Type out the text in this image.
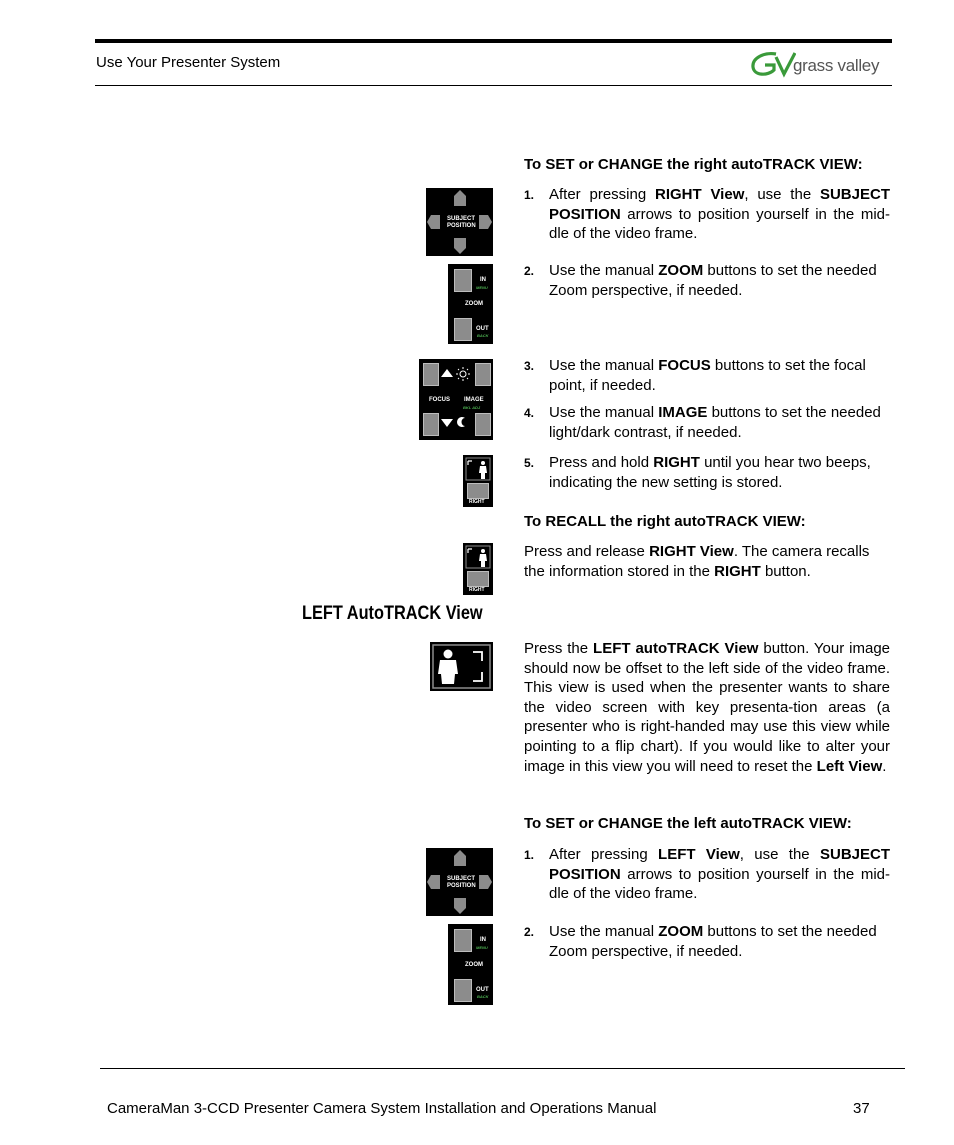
Use Your Presenter System	grass valley
To SET or CHANGE the right autoTRACK VIEW:
1. After pressing RIGHT View, use the SUBJECT POSITION arrows to position yourself in the mid-dle of the video frame.
2. Use the manual ZOOM buttons to set the needed Zoom perspective, if needed.
3. Use the manual FOCUS buttons to set the focal point, if needed.
4. Use the manual IMAGE buttons to set the needed light/dark contrast, if needed.
5. Press and hold RIGHT until you hear two beeps, indicating the new setting is stored.
To RECALL the right autoTRACK VIEW:
Press and release RIGHT View. The camera recalls the information stored in the RIGHT button.
LEFT AutoTRACK View
Press the LEFT autoTRACK View button. Your image should now be offset to the left side of the video frame. This view is used when the presenter wants to share the video screen with key presenta-tion areas (a presenter who is right-handed may use this view while pointing to a flip chart). If you would like to alter your image in this view you will need to reset the Left View.
To SET or CHANGE the left autoTRACK VIEW:
1. After pressing LEFT View, use the SUBJECT POSITION arrows to position yourself in the mid-dle of the video frame.
2. Use the manual ZOOM buttons to set the needed Zoom perspective, if needed.
SUBJECT
POSITION
IN
MENU
ZOOM
OUT
BACK
FOCUS IMAGE
BKL ADJ
RIGHT
RIGHT
SUBJECT
POSITION
IN
MENU
ZOOM
OUT
BACK
CameraMan 3-CCD Presenter Camera System Installation and Operations Manual	37
